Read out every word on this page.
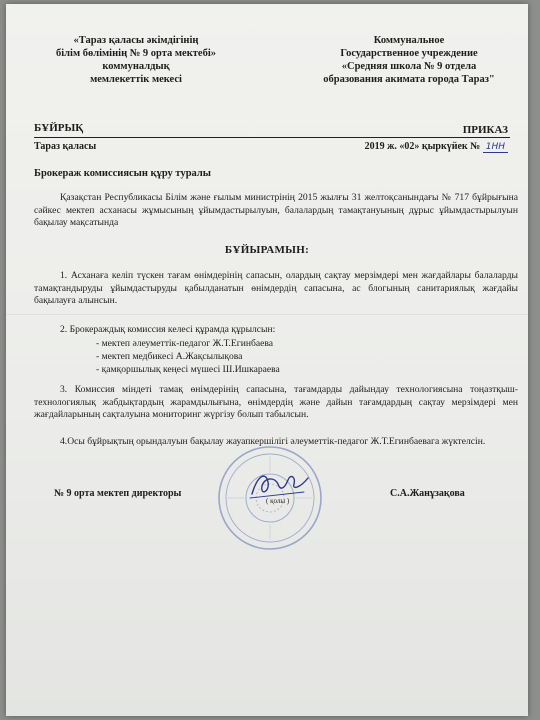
«Тараз қаласы әкімдігінің
білім бөлімінің № 9 орта мектебі»
коммуналдық
мемлекеттік мекесі
Коммунальное
Государственное учреждение
«Средняя школа № 9 отдела
образования акимата города Тараз"
БҰЙРЫҚ	ПРИКАЗ
Тараз қаласы	2019 ж. «02» қыркүйек № 1НН
Брокераж комиссиясын құру туралы
Қазақстан Республикасы Білім және ғылым министрінің 2015 жылғы 31 желтоқсанындағы № 717 бұйрығына сәйкес мектеп асханасы жұмысының ұйымдастырылуын, балалардың тамақтануының дұрыс ұйымдастырылуын бақылау мақсатында
БҰЙЫРАМЫН:
1. Асханаға келіп түскен тағам өнімдерінің сапасын, олардың сақтау мерзімдері мен жағдайлары балаларды тамақтандыруды ұйымдастыруды қабылданатын өнімдердің сапасына, ас блогының санитариялық жағдайы бақылауға алынсын.
2. Брокераждық комиссия келесі құрамда құрылсын:
- мектеп әлеуметтік-педагог Ж.Т.Егинбаева
- мектеп медбикесі А.Жақсылықова
- қамқоршылық кеңесі мүшесі Ш.Ишкараева
3. Комиссия міндеті тамақ өнімдерінің сапасына, тағамдарды дайындау технологиясына тоңазтқыш-технологиялық жабдықтардың жарамдылығына, өнімдердің және дайын тағамдардың сақтау мерзімдері мен жағдайларының сақталуына мониторинг жүргізу болып табылсын.
4.Осы бұйрықтың орындалуын бақылау жауапкершілігі әлеуметтік-педагог Ж.Т.Егинбаевага жүктелсін.
( қолы )
№ 9 орта мектеп директоры	С.А.Жанұзақова
